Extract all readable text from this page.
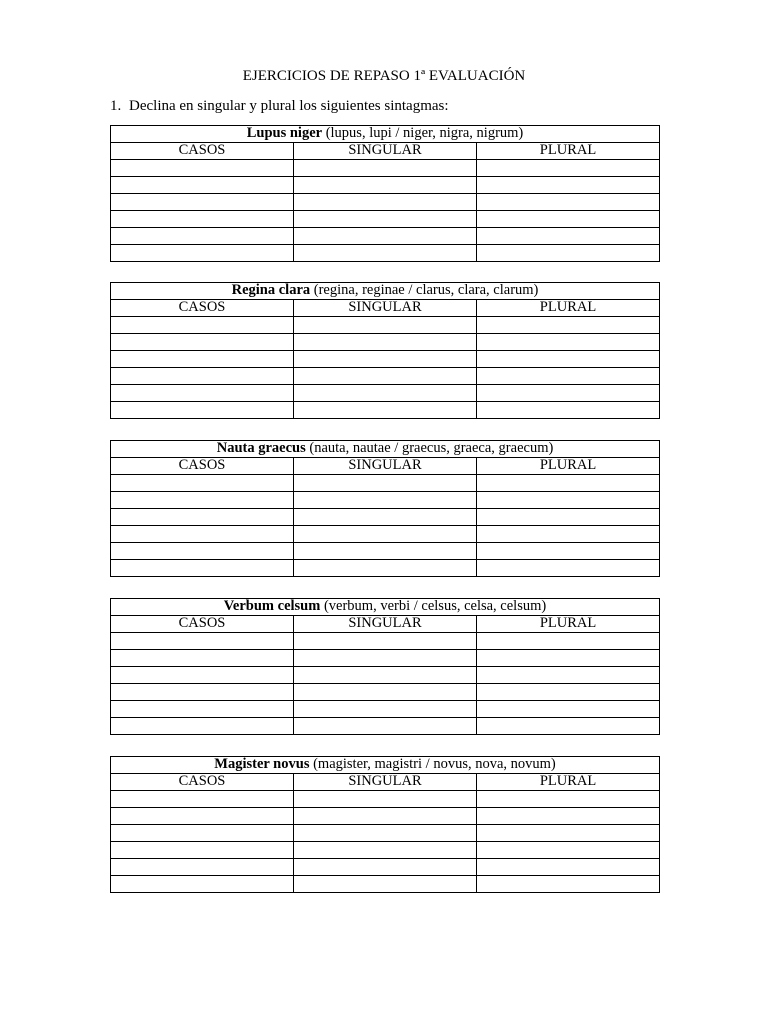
EJERCICIOS DE REPASO 1ª EVALUACIÓN
1. Declina en singular y plural los siguientes sintagmas:
Lupus niger (lupus, lupi / niger, nigra, nigrum)		
CASOS	SINGULAR	PLURAL

Regina clara (regina, reginae / clarus, clara, clarum)		
CASOS	SINGULAR	PLURAL

Nauta graecus (nauta, nautae / graecus, graeca, graecum)		
CASOS	SINGULAR	PLURAL

Verbum celsum (verbum, verbi / celsus, celsa, celsum)		
CASOS	SINGULAR	PLURAL

Magister novus (magister, magistri / novus, nova, novum)		
CASOS	SINGULAR	PLURAL
